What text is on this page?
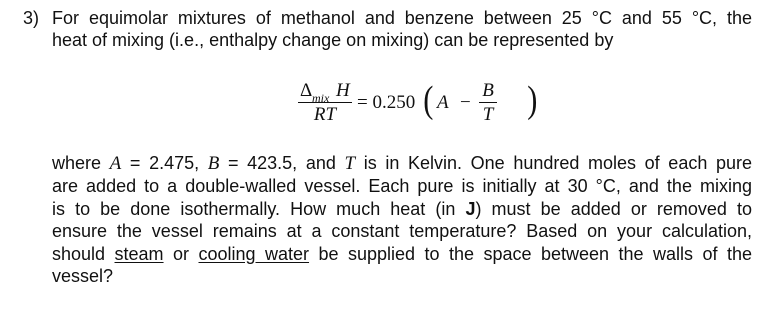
3) For equimolar mixtures of methanol and benzene between 25 °C and 55 °C, the
heat of mixing (i.e., enthalpy change on mixing) can be represented by
Δ mix H
RT
= 0.250 ( A −
B
T )
where A = 2.475, B = 423.5, and T is in Kelvin. One hundred moles of each pure
are added to a double-walled vessel. Each pure is initially at 30 °C, and the mixing
is to be done isothermally. How much heat (in J) must be added or removed to
ensure the vessel remains at a constant temperature? Based on your calculation,
should steam or cooling water be supplied to the space between the walls of the
vessel?
